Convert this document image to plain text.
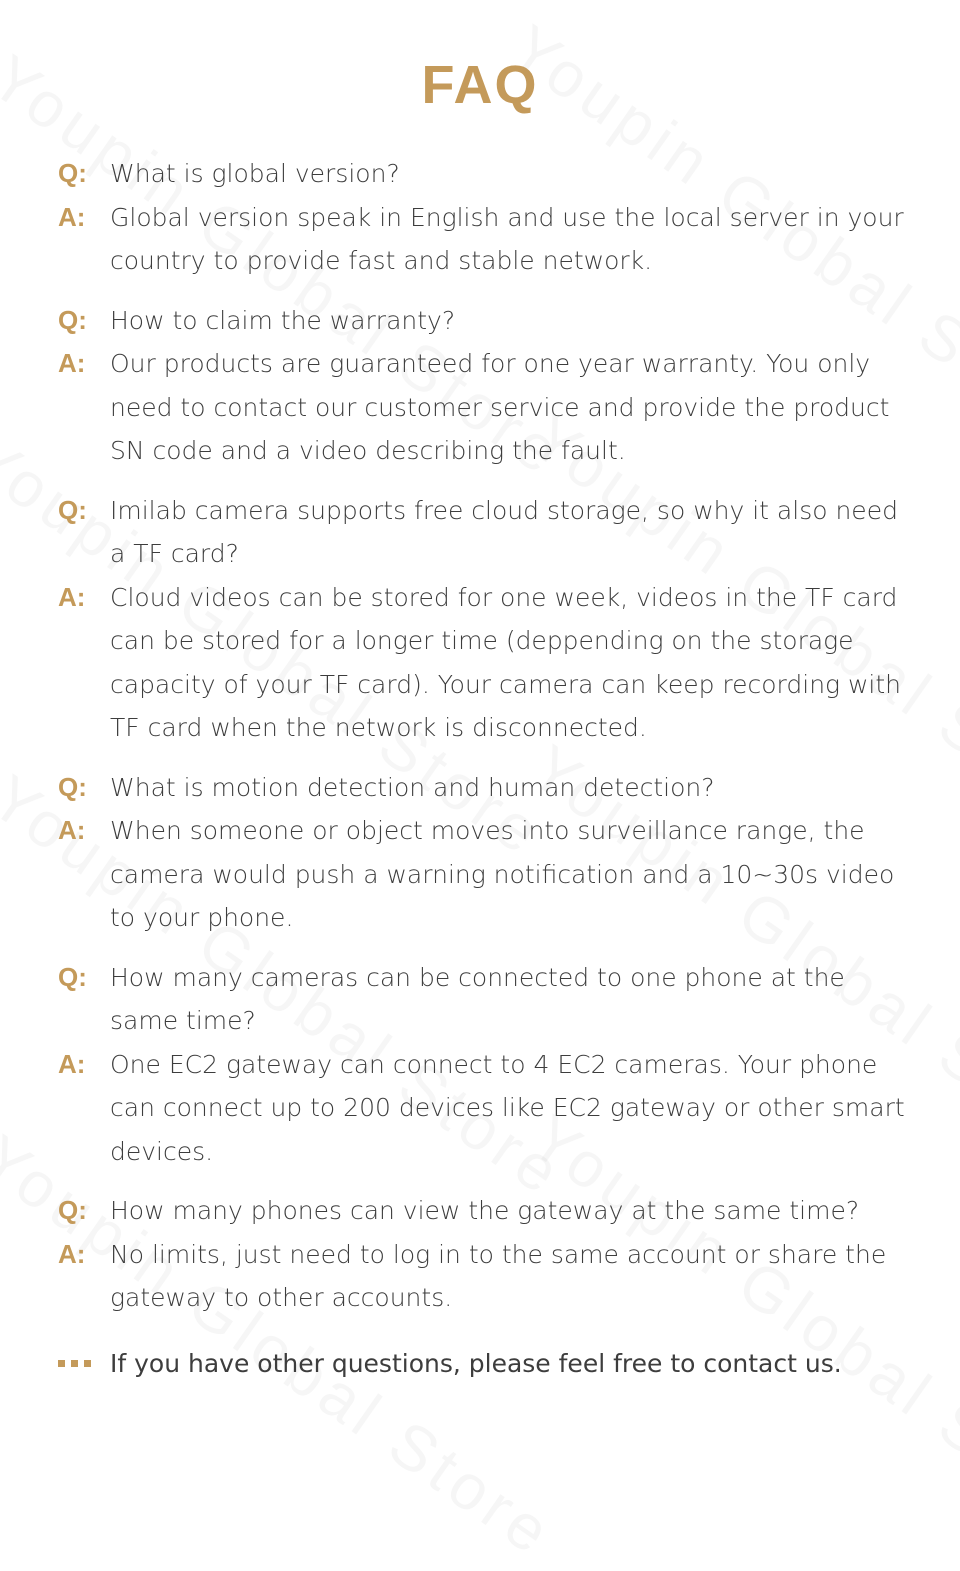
FAQ
Q: What is global version?
A: Global version speak in English and use the local server in your country to provide fast and stable network.
Q: How to claim the warranty?
A: Our products are guaranteed for one year warranty. You only need to contact our customer service and provide the product SN code and a video describing the fault.
Q: Imilab camera supports free cloud storage, so why it also need a TF card?
A: Cloud videos can be stored for one week, videos in the TF card can be stored for a longer time (deppending on the storage capacity of your TF card). Your camera can keep recording with TF card when the network is disconnected.
Q: What is motion detection and human detection?
A: When someone or object moves into surveillance range, the camera would push a warning notification and a 10~30s video to your phone.
Q: How many cameras can be connected to one phone at the same time?
A: One EC2 gateway can connect to 4 EC2 cameras. Your phone can connect up to 200 devices like EC2 gateway or other smart devices.
Q: How many phones can view the gateway at the same time?
A: No limits, just need to log in to the same account or share the gateway to other accounts.
If you have other questions, please feel free to contact us.
